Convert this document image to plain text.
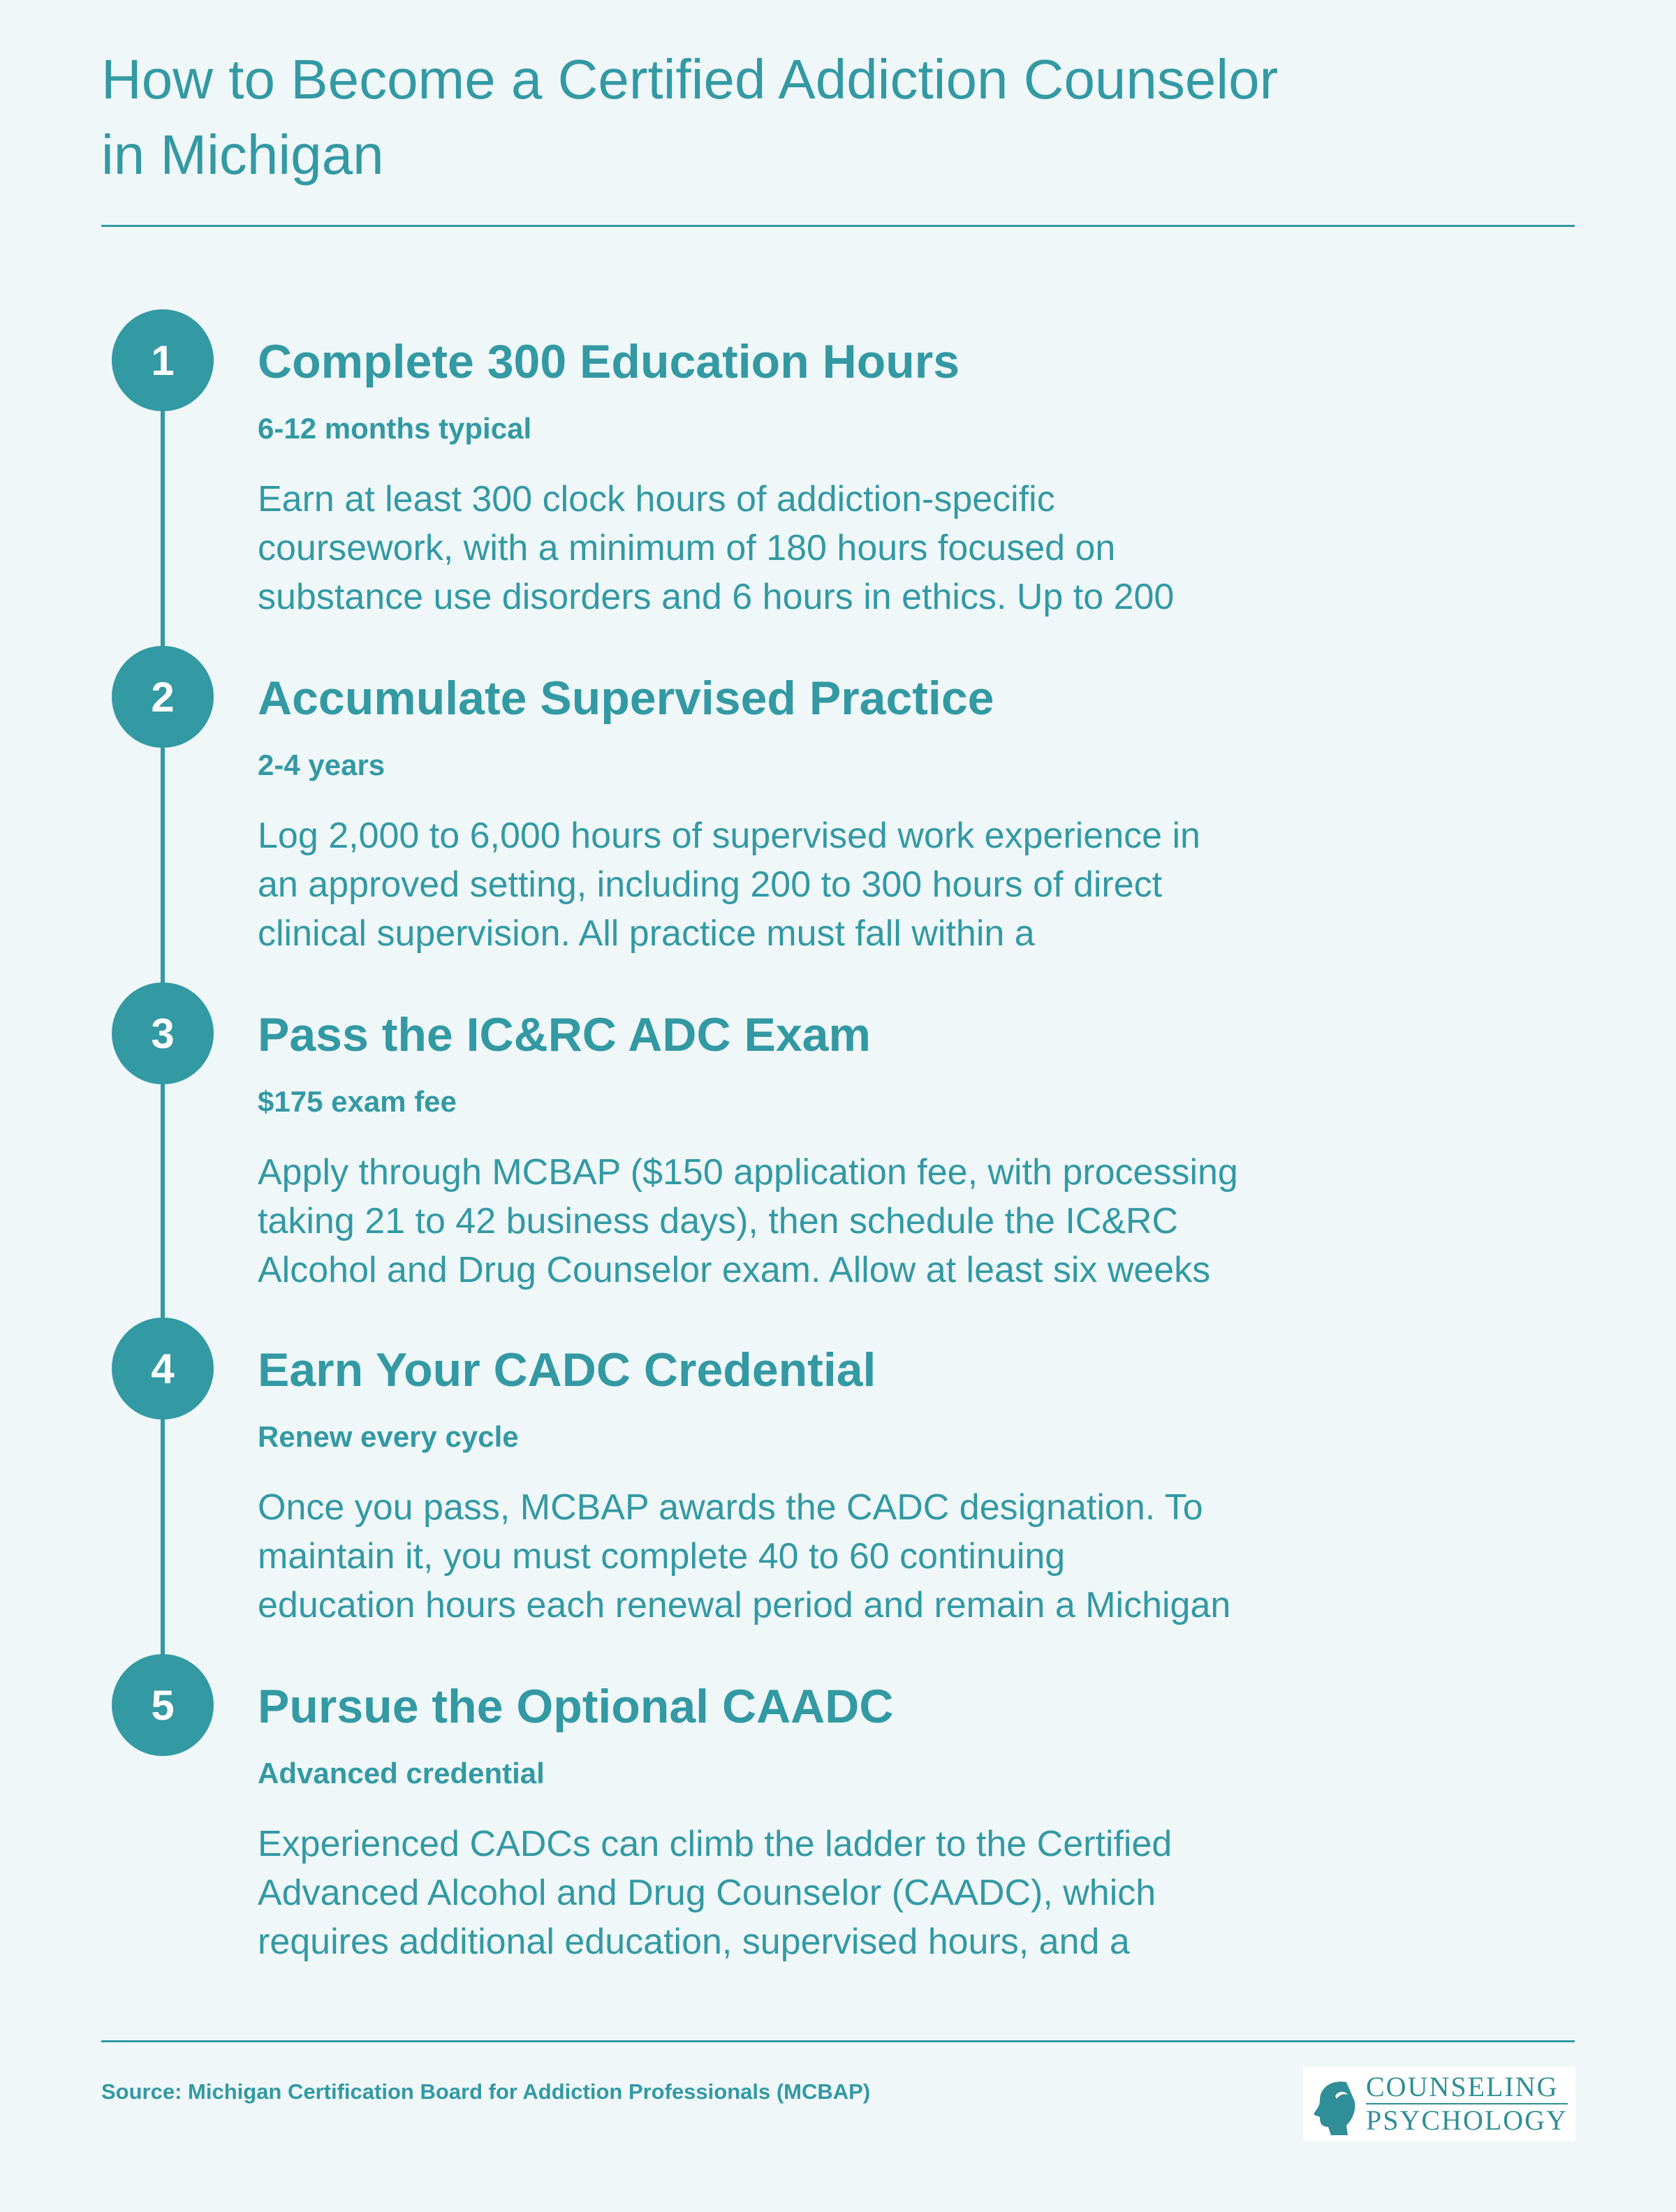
How to Become a Certified Addiction Counselor
in Michigan
1	Complete 300 Education Hours
6-12 months typical
Earn at least 300 clock hours of addiction-specific
coursework, with a minimum of 180 hours focused on
substance use disorders and 6 hours in ethics. Up to 200
2	Accumulate Supervised Practice
2-4 years
Log 2,000 to 6,000 hours of supervised work experience in
an approved setting, including 200 to 300 hours of direct
clinical supervision. All practice must fall within a
3	Pass the IC&RC ADC Exam
$175 exam fee
Apply through MCBAP ($150 application fee, with processing
taking 21 to 42 business days), then schedule the IC&RC
Alcohol and Drug Counselor exam. Allow at least six weeks
4	Earn Your CADC Credential
Renew every cycle
Once you pass, MCBAP awards the CADC designation. To
maintain it, you must complete 40 to 60 continuing
education hours each renewal period and remain a Michigan
5	Pursue the Optional CAADC
Advanced credential
Experienced CADCs can climb the ladder to the Certified
Advanced Alcohol and Drug Counselor (CAADC), which
requires additional education, supervised hours, and a
Source: Michigan Certification Board for Addiction Professionals (MCBAP)	COUNSELING
PSYCHOLOGY
